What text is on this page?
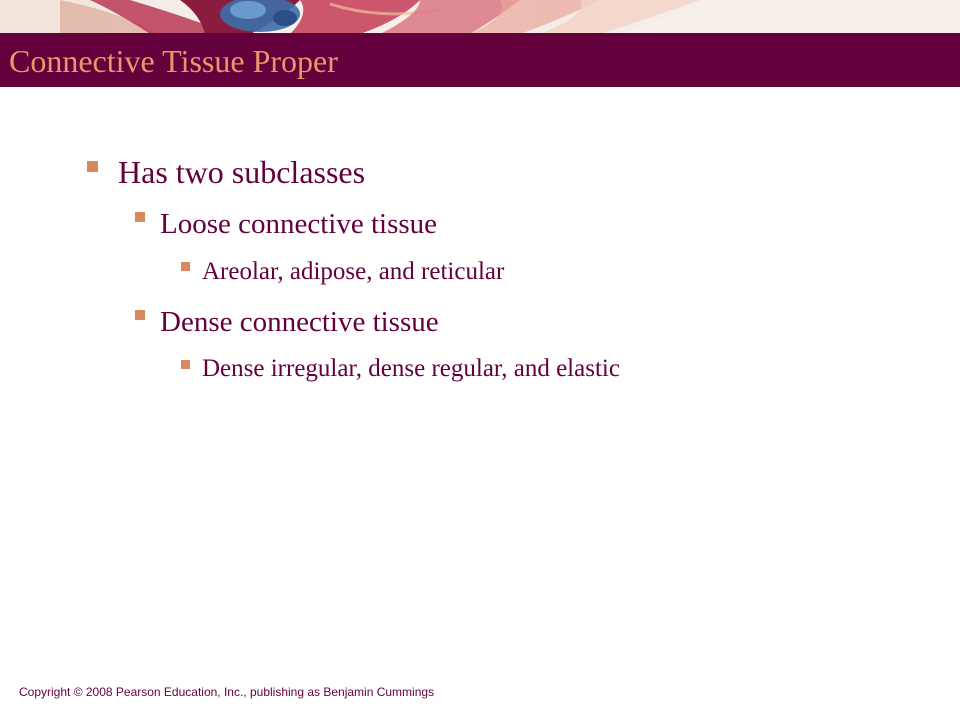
Connective Tissue Proper
Has two subclasses
Loose connective tissue
Areolar, adipose, and reticular
Dense connective tissue
Dense irregular, dense regular, and elastic
Copyright © 2008 Pearson Education, Inc., publishing as Benjamin Cummings
